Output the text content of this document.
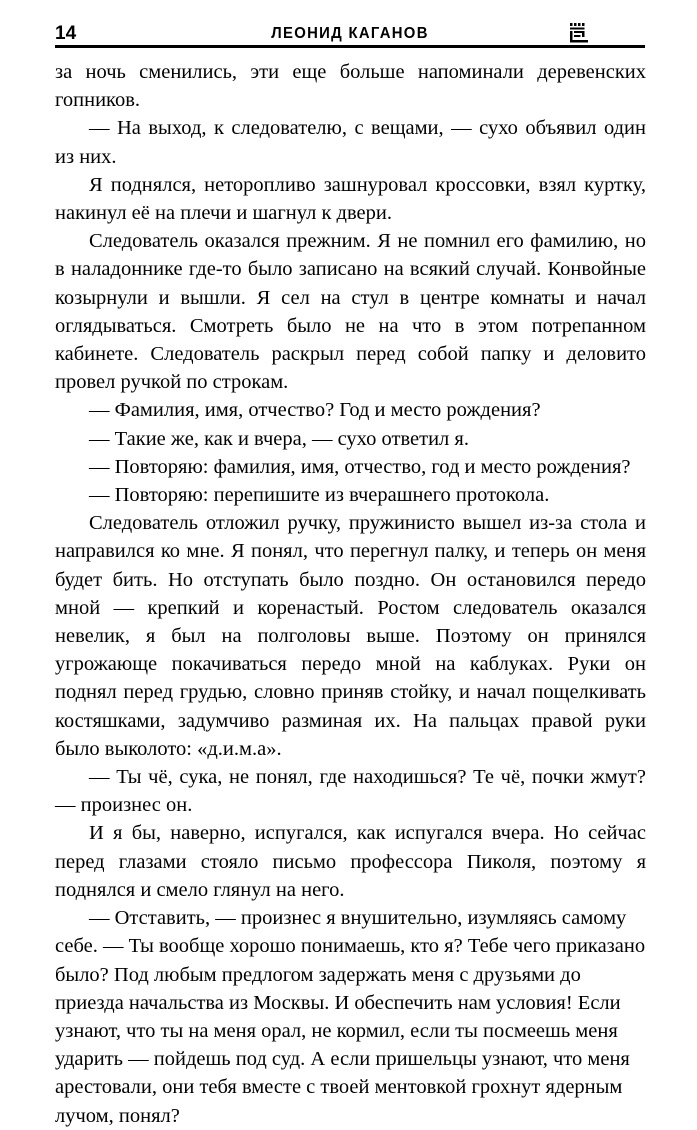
14	ЛЕОНИД КАГАНОВ

за ночь сменились, эти еще больше напоминали деревенских гопников.

— На выход, к следователю, с вещами, — сухо объявил один из них.

Я поднялся, неторопливо зашнуровал кроссовки, взял куртку, накинул её на плечи и шагнул к двери.

Следователь оказался прежним. Я не помнил его фамилию, но в наладоннике где-то было записано на всякий случай. Конвойные козырнули и вышли. Я сел на стул в центре комнаты и начал оглядываться. Смотреть было не на что в этом потрепанном кабинете. Следователь раскрыл перед собой папку и деловито провел ручкой по строкам.

— Фамилия, имя, отчество? Год и место рождения?

— Такие же, как и вчера, — сухо ответил я.

— Повторяю: фамилия, имя, отчество, год и место рождения?

— Повторяю: перепишите из вчерашнего протокола.

Следователь отложил ручку, пружинисто вышел из-за стола и направился ко мне. Я понял, что перегнул палку, и теперь он меня будет бить. Но отступать было поздно. Он остановился передо мной — крепкий и коренастый. Ростом следователь оказался невелик, я был на полголовы выше. Поэтому он принялся угрожающе покачиваться передо мной на каблуках. Руки он поднял перед грудью, словно приняв стойку, и начал пощелкивать костяшками, задумчиво разминая их. На пальцах правой руки было выколото: «д.и.м.а».

— Ты чё, сука, не понял, где находишься? Те чё, почки жмут? — произнес он.

И я бы, наверно, испугался, как испугался вчера. Но сейчас перед глазами стояло письмо профессора Пиколя, поэтому я поднялся и смело глянул на него.

— Отставить, — произнес я внушительно, изумляясь самому себе. — Ты вообще хорошо понимаешь, кто я? Тебе чего приказано было? Под любым предлогом задержать меня с друзьями до приезда начальства из Москвы. И обеспечить нам условия! Если узнают, что ты на меня орал, не кормил, если ты посмеешь меня ударить — пойдешь под суд. А если пришельцы узнают, что меня арестовали, они тебя вместе с твоей ментовкой грохнут ядерным лучом, понял?
